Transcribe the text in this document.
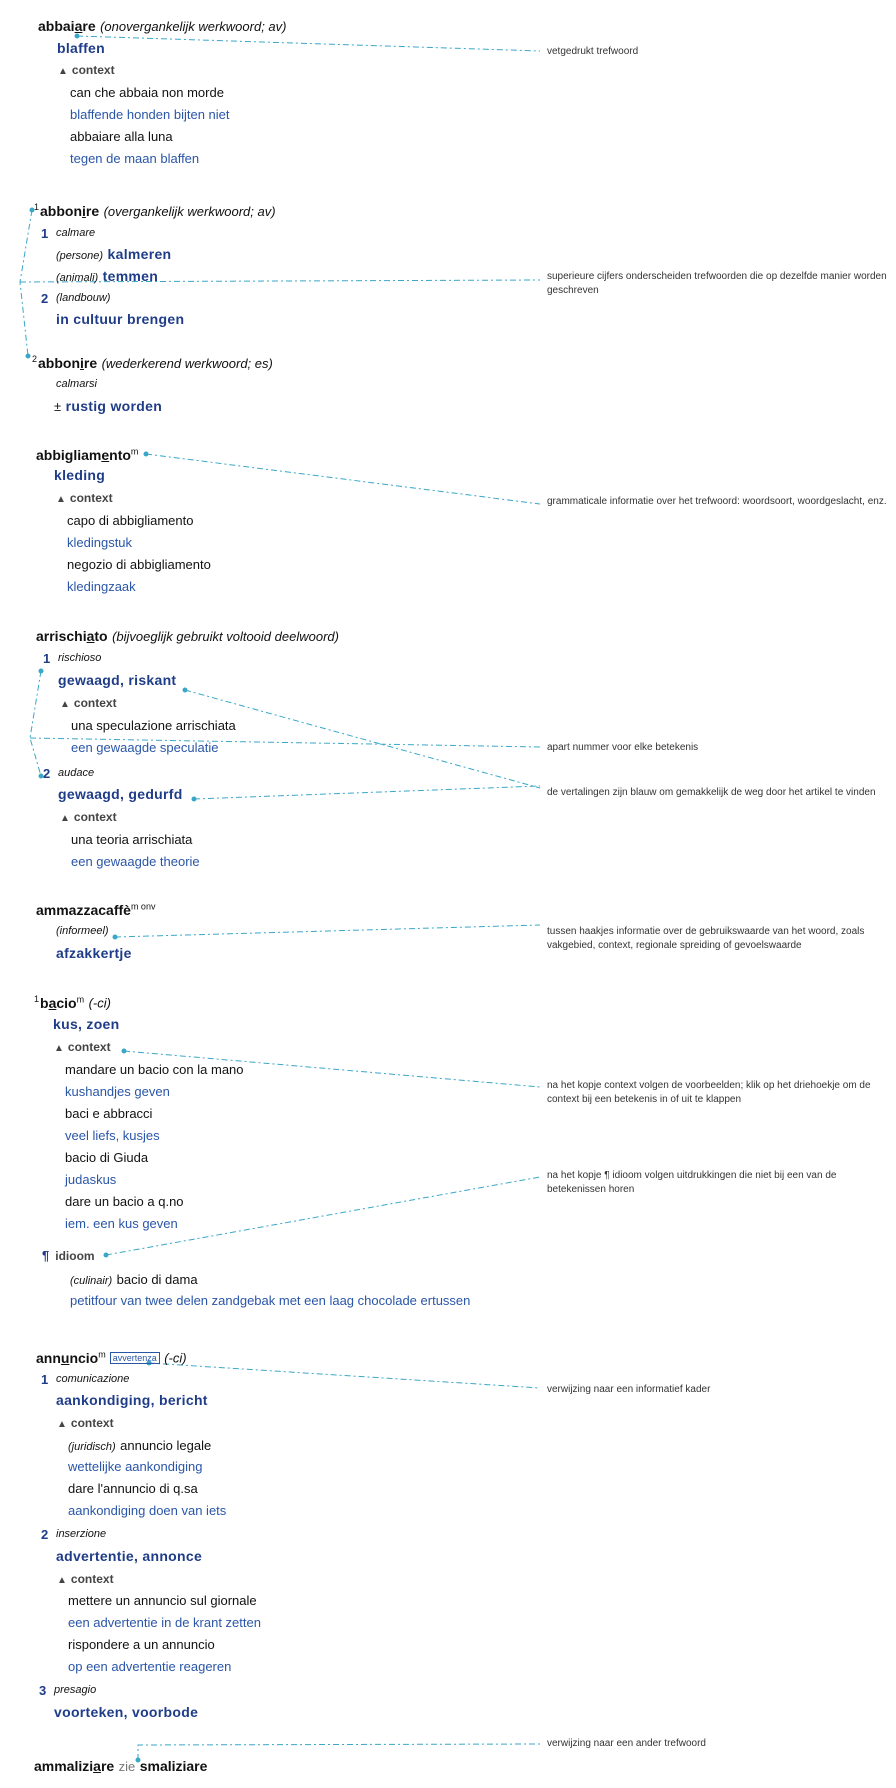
vetgedrukt trefwoord
superieure cijfers onderscheiden trefwoorden die op dezelfde manier worden geschreven
grammaticale informatie over het trefwoord: woordsoort, woordgeslacht, enz.
apart nummer voor elke betekenis
de vertalingen zijn blauw om gemakkelijk de weg door het artikel te vinden
tussen haakjes informatie over de gebruikswaarde van het woord, zoals vakgebied, context, regionale spreiding of gevoelswaarde
na het kopje context volgen de voorbeelden; klik op het driehoekje om de context bij een betekenis in of uit te klappen
na het kopje ¶ idioom volgen uitdrukkingen die niet bij een van de betekenissen horen
verwijzing naar een informatief kader
verwijzing naar een ander trefwoord
abbaiare (onovergankelijk werkwoord; av)
blaffen
▲ context
can che abbaia non morde
blaffende honden bijten niet
abbaiare alla luna
tegen de maan blaffen
$^1$abbonire (overgankelijk werkwoord; av)
1 calmare
(persone) kalmeren
(animali) temmen
2 (landbouw)
in cultuur brengen
$^2$abbonire (wederkerend werkwoord; es)
calmarsi
± rustig worden
abbigliamento$^m$
kleding
▲ context
capo di abbigliamento
kledingstuk
negozio di abbigliamento
kledingzaak
arrischiato (bijvoeglijk gebruikt voltooid deelwoord)
1 rischioso
gewaagd, riskant
▲ context
una speculazione arrischiata
een gewaagde speculatie
2 audace
gewaagd, gedurfd
▲ context
una teoria arrischiata
een gewaagde theorie
ammazzacaffè$^{m onv}$
(informeel)
afzakkertje
$^1$bacio$^m$ (-ci)
kus, zoen
▲ context
mandare un bacio con la mano
kushandjes geven
baci e abbracci
veel liefs, kusjes
bacio di Giuda
judaskus
dare un bacio a q.no
iem. een kus geven
¶ idioom
(culinair) bacio di dama
petitfour van twee delen zandgebak met een laag chocolade ertussen
annuncio$^m$ avvertenza (-ci)
1 comunicazione
aankondiging, bericht
▲ context
(juridisch) annuncio legale
wettelijke aankondiging
dare l'annuncio di q.sa
aankondiging doen van iets
2 inserzione
advertentie, annonce
▲ context
mettere un annuncio sul giornale
een advertentie in de krant zetten
rispondere a un annuncio
op een advertentie reageren
3 presagio
voorteken, voorbode
ammaliziare zie smaliziare
